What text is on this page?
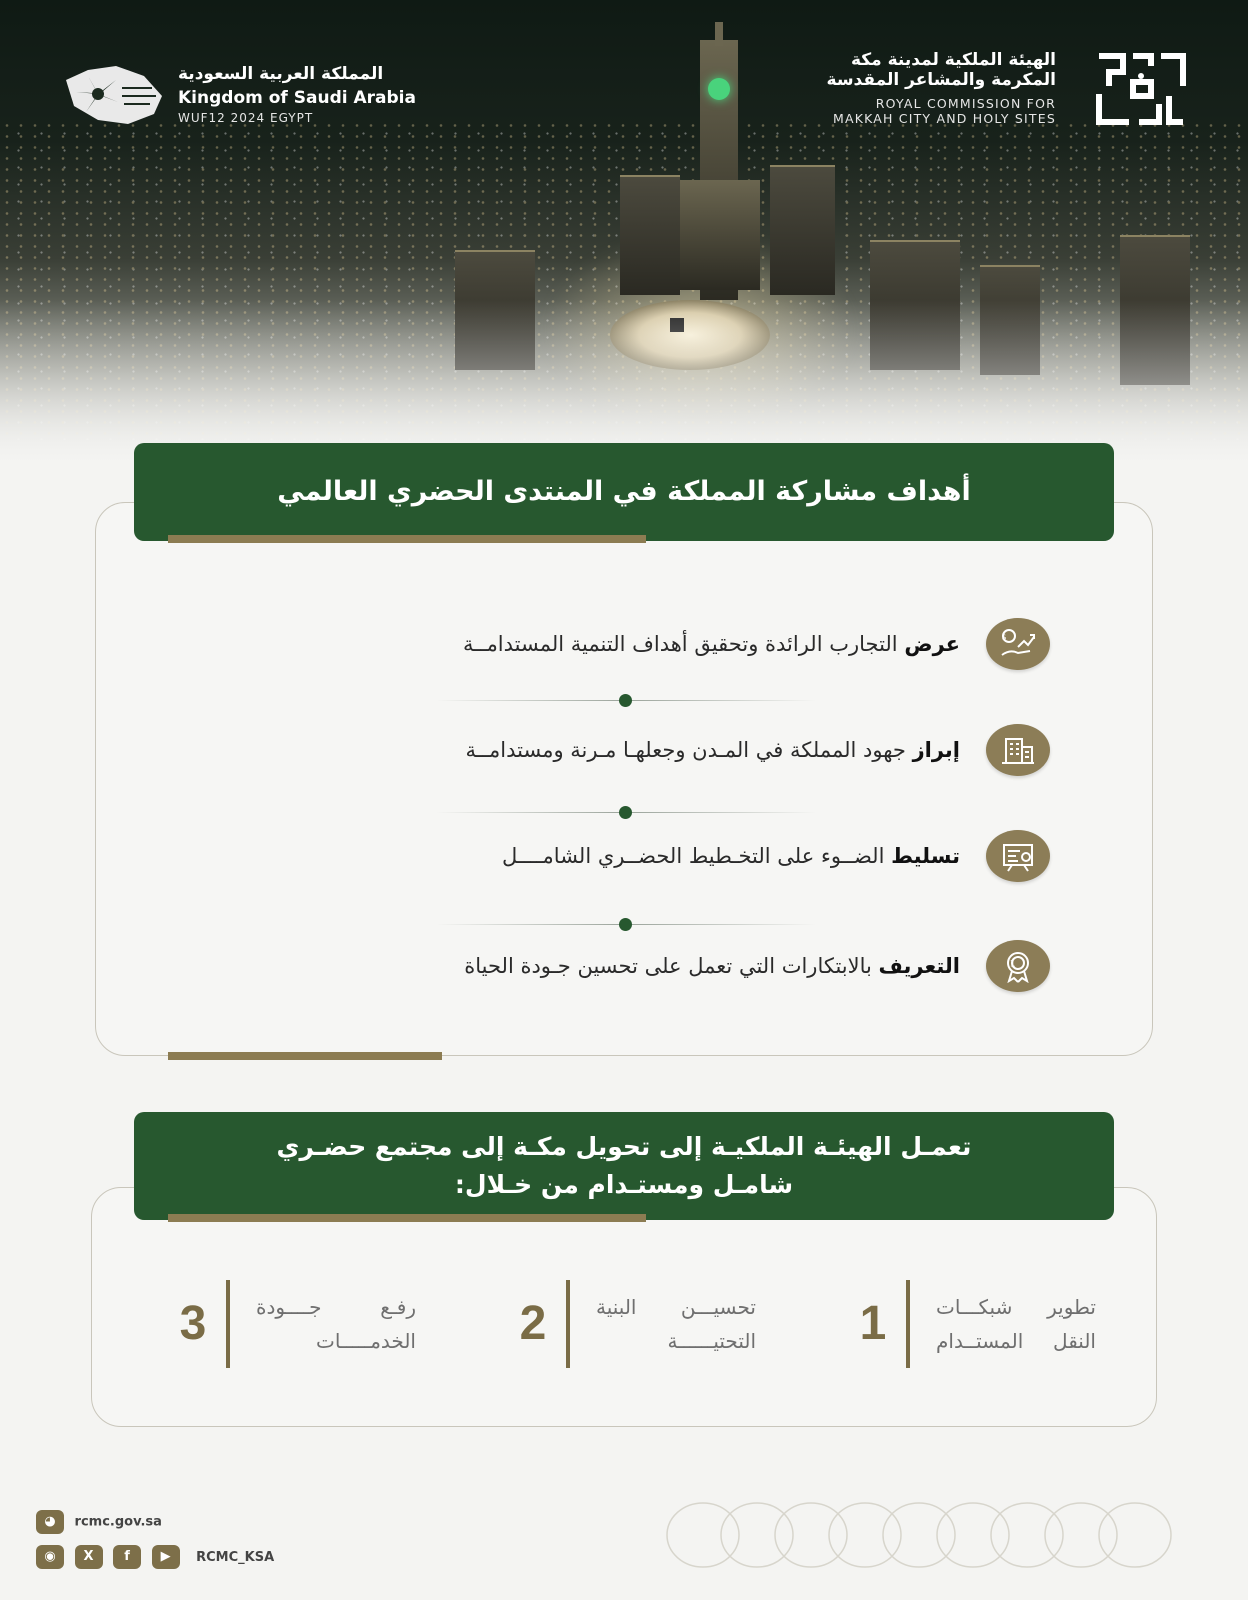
المملكة العربية السعودية
Kingdom of Saudi Arabia
WUF12 2024 EGYPT
الهيئة الملكية لمدينة مكة
المكرمة والمشاعر المقدسة
ROYAL COMMISSION FOR
MAKKAH CITY AND HOLY SITES
أهداف مشاركة المملكة في المنتدى الحضري العالمي
$
عرض التجارب الرائدة وتحقيق أهداف التنمية المستدامــة
إبراز جهود المملكة في المـدن وجعلهـا مـرنة ومستدامــة
تسليط الضــوء على التخـطيط الحضــري الشامــــل
1
التعريف بالابتكارات التي تعمل على تحسين جـودة الحياة
تعمـل الهيئـة الملكيـة إلى تحويل مكـة إلى مجتمع حضـري
شامـل ومستـدام من خـلال:
تطوير شبكـــات
النقل المستــدام
1
تحسيـــن البنية
التحتيــــــة
2
رفـع جــــودة
الخدمـــــات
3
◕ rcmc.gov.sa
◉ X f ▶ RCMC_KSA
